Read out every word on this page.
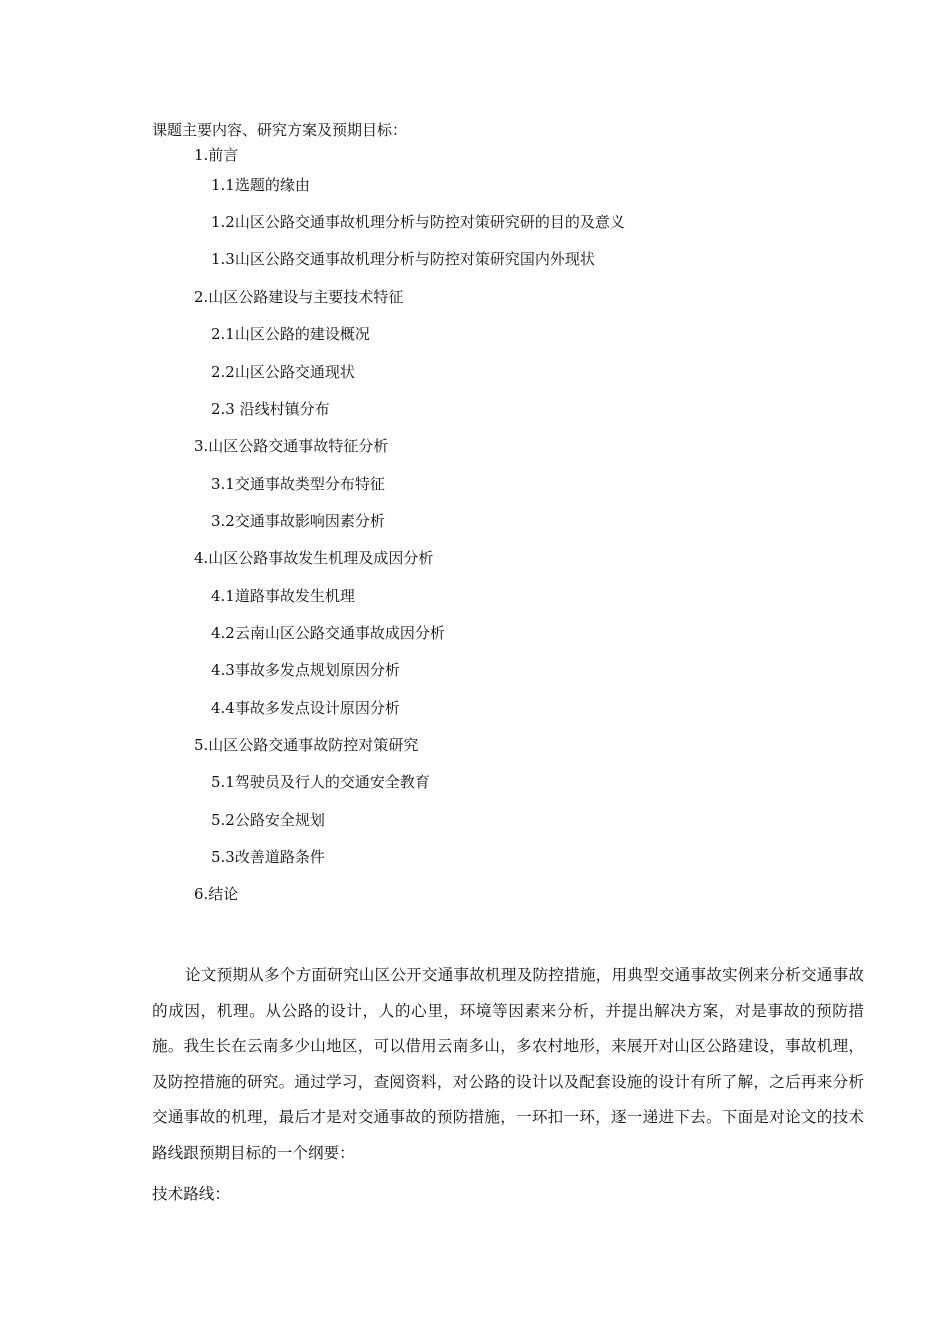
课题主要内容、研究方案及预期目标：
1.前言
1.1选题的缘由
1.2山区公路交通事故机理分析与防控对策研究研的目的及意义
1.3山区公路交通事故机理分析与防控对策研究国内外现状
2.山区公路建设与主要技术特征
2.1山区公路的建设概况
2.2山区公路交通现状
2.3 沿线村镇分布
3.山区公路交通事故特征分析
3.1交通事故类型分布特征
3.2交通事故影响因素分析
4.山区公路事故发生机理及成因分析
4.1道路事故发生机理
4.2云南山区公路交通事故成因分析
4.3事故多发点规划原因分析
4.4事故多发点设计原因分析
5.山区公路交通事故防控对策研究
5.1驾驶员及行人的交通安全教育
5.2公路安全规划
5.3改善道路条件
6.结论

论文预期从多个方面研究山区公开交通事故机理及防控措施，用典型交通事故实例来分析交通事故的成因，机理。从公路的设计，人的心里，环境等因素来分析，并提出解决方案，对是事故的预防措施。我生长在云南多少山地区，可以借用云南多山，多农村地形，来展开对山区公路建设，事故机理，及防控措施的研究。通过学习，查阅资料，对公路的设计以及配套设施的设计有所了解，之后再来分析交通事故的机理，最后才是对交通事故的预防措施，一环扣一环，逐一递进下去。下面是对论文的技术路线跟预期目标的一个纲要：

技术路线：
